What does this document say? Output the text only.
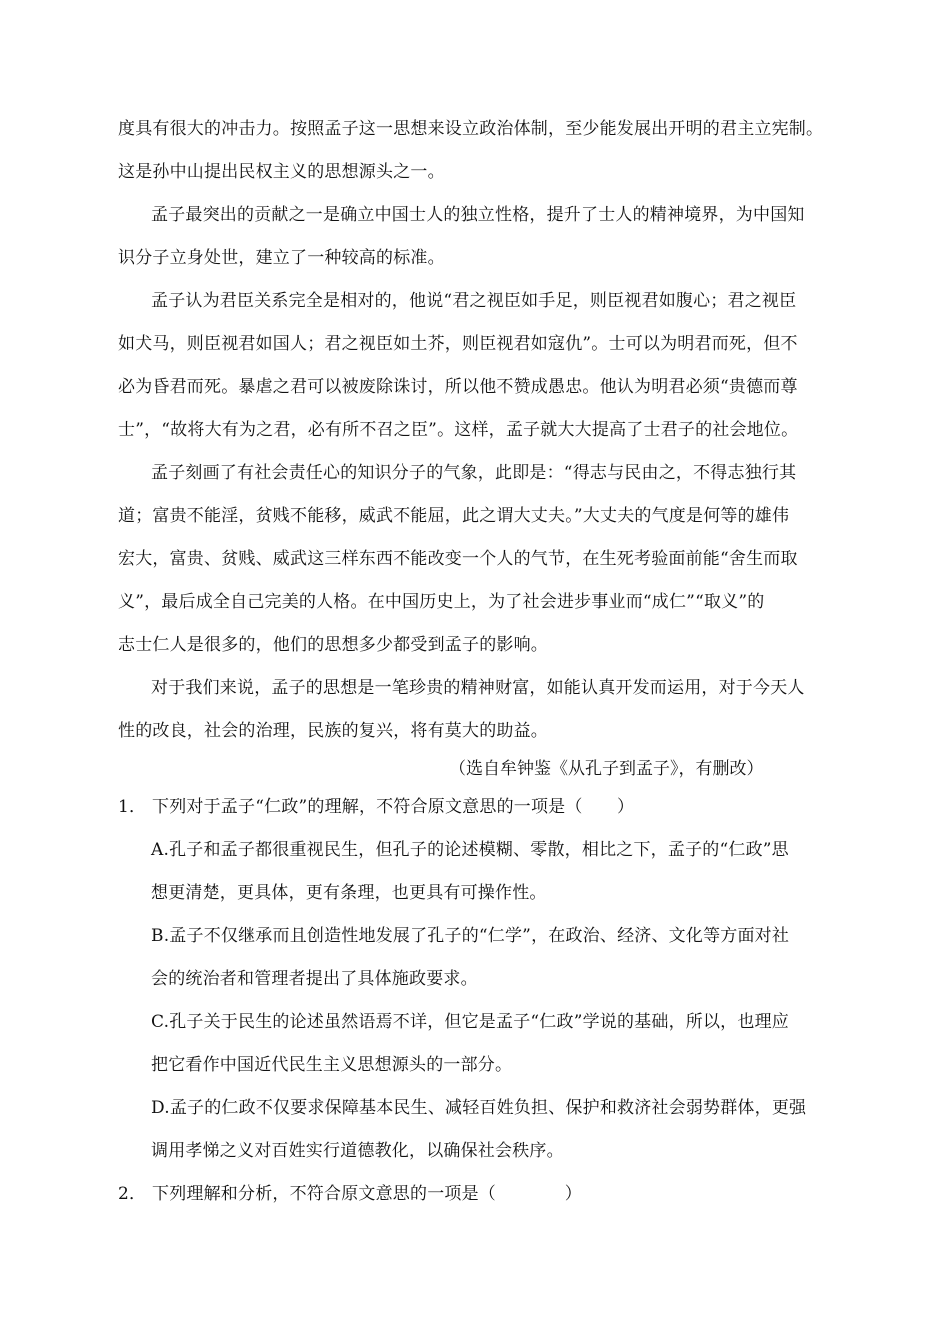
度具有很大的冲击力。按照孟子这一思想来设立政治体制，至少能发展出开明的君主立宪制。
这是孙中山提出民权主义的思想源头之一。
孟子最突出的贡献之一是确立中国士人的独立性格，提升了士人的精神境界，为中国知
识分子立身处世，建立了一种较高的标准。
孟子认为君臣关系完全是相对的，他说“君之视臣如手足，则臣视君如腹心；君之视臣
如犬马，则臣视君如国人；君之视臣如土芥，则臣视君如寇仇”。士可以为明君而死，但不
必为昏君而死。暴虐之君可以被废除诛讨，所以他不赞成愚忠。他认为明君必须“贵德而尊
士”，“故将大有为之君，必有所不召之臣”。这样，孟子就大大提高了士君子的社会地位。
孟子刻画了有社会责任心的知识分子的气象，此即是：“得志与民由之，不得志独行其
道；富贵不能淫，贫贱不能移，威武不能屈，此之谓大丈夫。”大丈夫的气度是何等的雄伟
宏大，富贵、贫贱、威武这三样东西不能改变一个人的气节，在生死考验面前能“舍生而取
义”，最后成全自己完美的人格。在中国历史上，为了社会进步事业而“成仁”“取义”的
志士仁人是很多的，他们的思想多少都受到孟子的影响。
对于我们来说，孟子的思想是一笔珍贵的精神财富，如能认真开发而运用，对于今天人
性的改良，社会的治理，民族的复兴，将有莫大的助益。
（选自牟钟鉴《从孔子到孟子》，有删改）
1． 下列对于孟子“仁政”的理解，不符合原文意思的一项是（　　）
A.孔子和孟子都很重视民生，但孔子的论述模糊、零散，相比之下，孟子的“仁政”思
想更清楚，更具体，更有条理，也更具有可操作性。
B.孟子不仅继承而且创造性地发展了孔子的“仁学”，在政治、经济、文化等方面对社
会的统治者和管理者提出了具体施政要求。
C.孔子关于民生的论述虽然语焉不详，但它是孟子“仁政”学说的基础，所以，也理应
把它看作中国近代民生主义思想源头的一部分。
D.孟子的仁政不仅要求保障基本民生、减轻百姓负担、保护和救济社会弱势群体，更强
调用孝悌之义对百姓实行道德教化，以确保社会秩序。
2． 下列理解和分析，不符合原文意思的一项是（　　　　）
